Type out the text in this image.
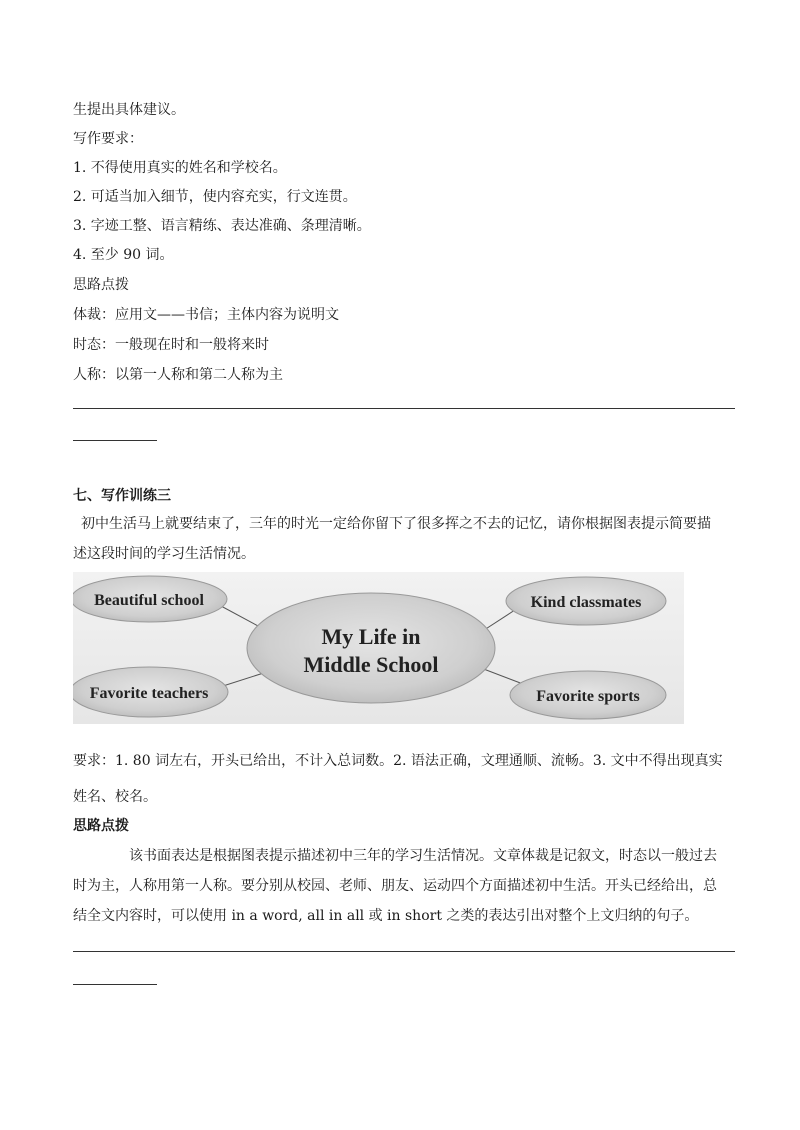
生提出具体建议。
写作要求：
1. 不得使用真实的姓名和学校名。
2. 可适当加入细节，使内容充实，行文连贯。
3. 字迹工整、语言精练、表达准确、条理清晰。
4. 至少 90 词。
思路点拨
体裁：应用文——书信；主体内容为说明文
时态：一般现在时和一般将来时
人称：以第一人称和第二人称为主
七、写作训练三
初中生活马上就要结束了，三年的时光一定给你留下了很多挥之不去的记忆，请你根据图表提示简要描
述这段时间的学习生活情况。
My Life in
Middle School
Beautiful school	Kind classmates
Favorite teachers	Favorite sports
要求：1. 80 词左右，开头已给出，不计入总词数。2. 语法正确，文理通顺、流畅。3. 文中不得出现真实
姓名、校名。
思路点拨
该书面表达是根据图表提示描述初中三年的学习生活情况。文章体裁是记叙文，时态以一般过去
时为主，人称用第一人称。要分别从校园、老师、朋友、运动四个方面描述初中生活。开头已经给出，总
结全文内容时，可以使用 in a word, all in all 或 in short 之类的表达引出对整个上文归纳的句子。
